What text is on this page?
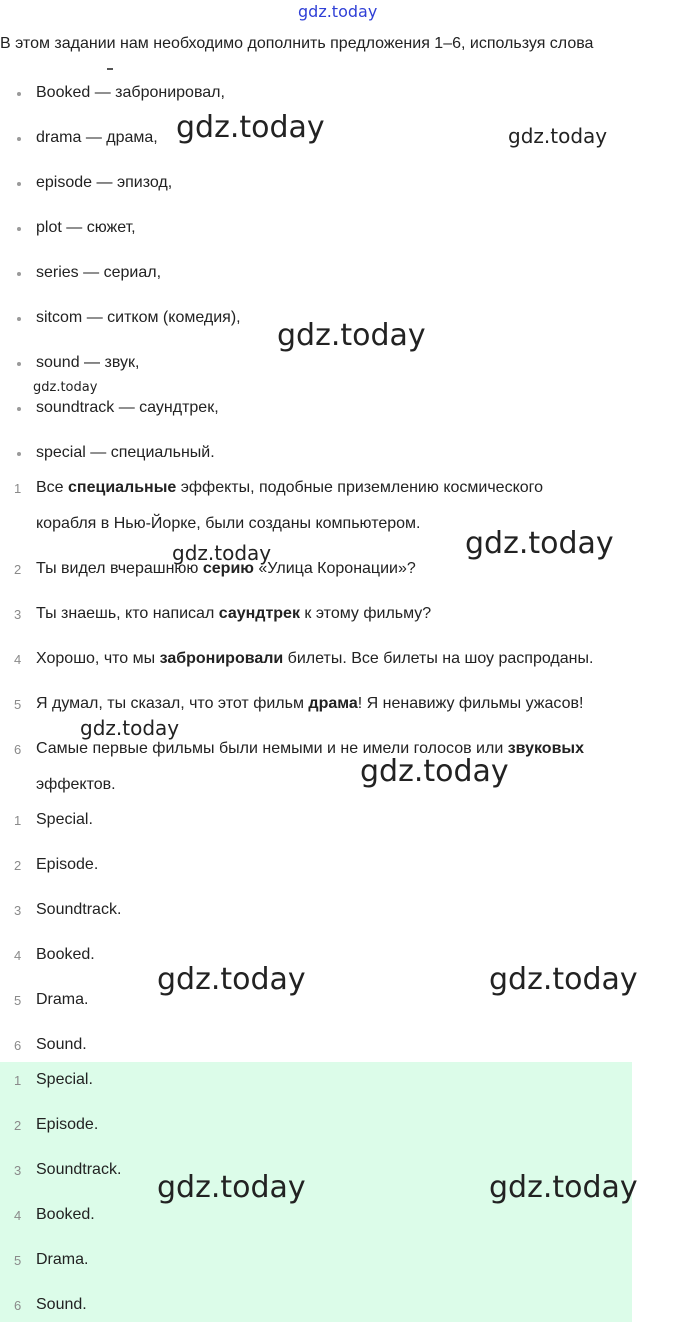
gdz.today
В этом задании нам необходимо дополнить предложения 1–6, используя слова
Booked — забронировал,
drama — драма,
episode — эпизод,
plot — сюжет,
series — сериал,
sitcom — ситком (комедия),
sound — звук,
soundtrack — саундтрек,
special — специальный.
1 Все специальные эффекты, подобные приземлению космического
корабля в Нью-Йорке, были созданы компьютером.
2 Ты видел вчерашнюю серию «Улица Коронации»?
3 Ты знаешь, кто написал саундтрек к этому фильму?
4 Хорошо, что мы забронировали билеты. Все билеты на шоу распроданы.
5 Я думал, ты сказал, что этот фильм драма! Я ненавижу фильмы ужасов!
6 Самые первые фильмы были немыми и не имели голосов или звуковых
эффектов.
1 Special.
2 Episode.
3 Soundtrack.
4 Booked.
5 Drama.
6 Sound.
1 Special.
2 Episode.
3 Soundtrack.
4 Booked.
5 Drama.
6 Sound.
gdz.today	gdz.today
gdz.today
gdz.today
gdz.today	gdz.today
gdz.today
gdz.today
gdz.today	gdz.today
gdz.today	gdz.today
